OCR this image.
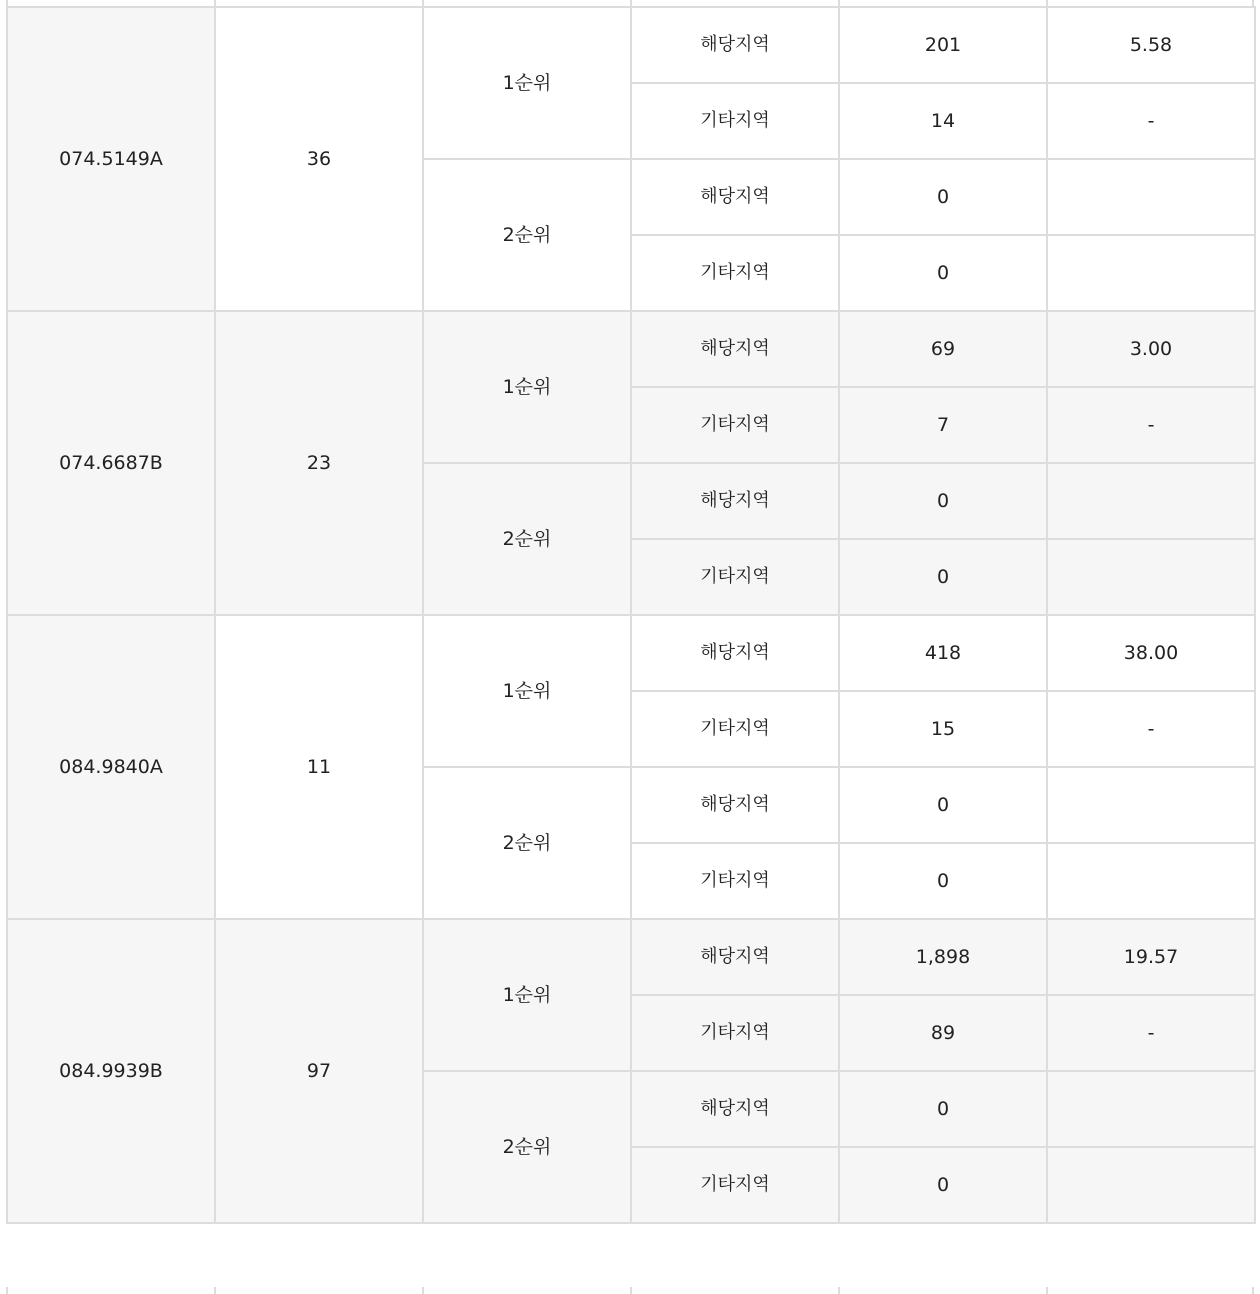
074.5149A	36	1순위	해당지역	201	5.58
			기타지역	14	-
		2순위	해당지역	0	
			기타지역	0	
074.6687B	23	1순위	해당지역	69	3.00
			기타지역	7	-
		2순위	해당지역	0	
			기타지역	0	
084.9840A	11	1순위	해당지역	418	38.00
			기타지역	15	-
		2순위	해당지역	0	
			기타지역	0	
084.9939B	97	1순위	해당지역	1,898	19.57
			기타지역	89	-
		2순위	해당지역	0	
			기타지역	0	
